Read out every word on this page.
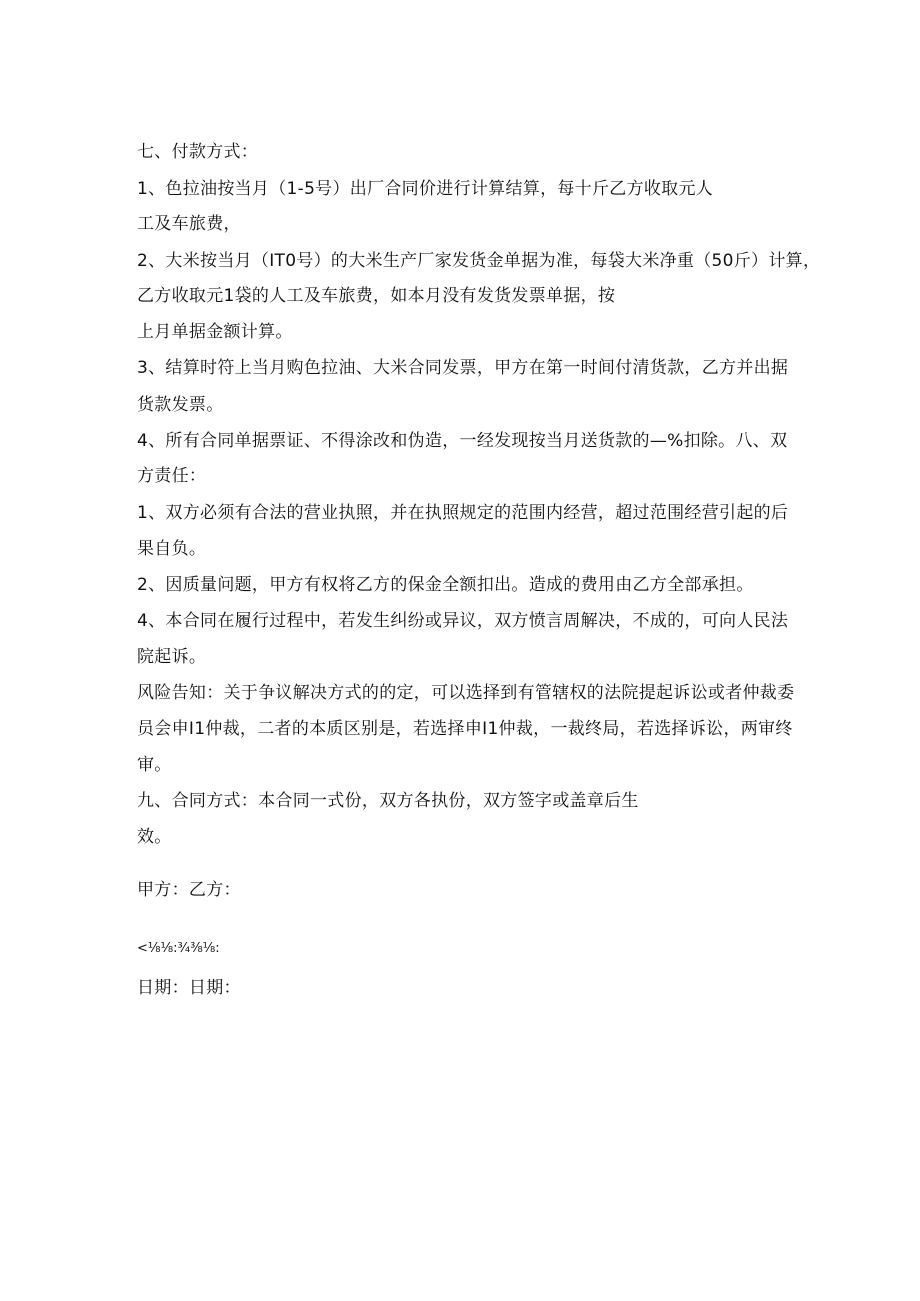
七、付款方式：

1、色拉油按当月（1-5号）出厂合同价进行计算结算，每十斤乙方收取元人

工及车旅费，

2、大米按当月（IT0号）的大米生产厂家发货金单据为准，每袋大米净重（50斤）计算，

乙方收取元1袋的人工及车旅费，如本月没有发货发票单据，按

上月单据金额计算。

3、结算时符上当月购色拉油、大米合同发票，甲方在第一时间付清货款，乙方并出据

货款发票。

4、所有合同单据票证、不得涂改和伪造，一经发现按当月送货款的—%扣除。八、双

方责任：

1、双方必须有合法的营业执照，并在执照规定的范围内经营，超过范围经营引起的后

果自负。

2、因质量问题，甲方有权将乙方的保金全额扣出。造成的费用由乙方全部承担。

4、本合同在履行过程中，若发生纠纷或异议，双方愤言周解决，不成的，可向人民法

院起诉。

风险告知：关于争议解决方式的的定，可以选择到有管辖权的法院提起诉讼或者仲裁委

员会申I1仲裁，二者的本质区别是，若选择申I1仲裁，一裁终局，若选择诉讼，两审终

审。

九、合同方式：本合同一式份，双方各执份，双方签字或盖章后生

效。

甲方：乙方：

<⅛⅛:¾⅜⅛:

日期：日期：
